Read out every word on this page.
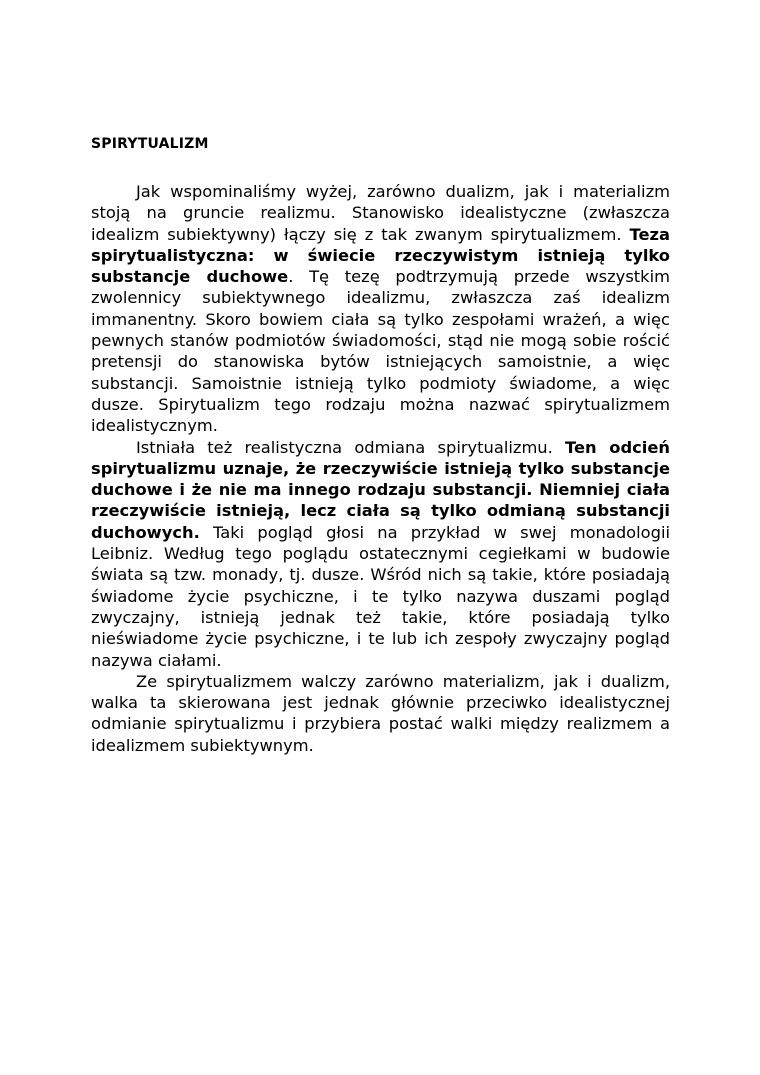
SPIRYTUALIZM

Jak wspominaliśmy wyżej, zarówno dualizm, jak i materializm stoją na gruncie realizmu. Stanowisko idealistyczne (zwłaszcza idealizm subiektywny) łączy się z tak zwanym spirytualizmem. Teza spirytualistyczna: w świecie rzeczywistym istnieją tylko substancje duchowe. Tę tezę podtrzymują przede wszystkim zwolennicy subiektywnego idealizmu, zwłaszcza zaś idealizm immanentny. Skoro bowiem ciała są tylko zespołami wrażeń, a więc pewnych stanów podmiotów świadomości, stąd nie mogą sobie rościć pretensji do stanowiska bytów istniejących samoistnie, a więc substancji. Samoistnie istnieją tylko podmioty świadome, a więc dusze. Spirytualizm tego rodzaju można nazwać spirytualizmem idealistycznym.

Istniała też realistyczna odmiana spirytualizmu. Ten odcień spirytualizmu uznaje, że rzeczywiście istnieją tylko substancje duchowe i że nie ma innego rodzaju substancji. Niemniej ciała rzeczywiście istnieją, lecz ciała są tylko odmianą substancji duchowych. Taki pogląd głosi na przykład w swej monadologii Leibniz. Według tego poglądu ostatecznymi cegiełkami w budowie świata są tzw. monady, tj. dusze. Wśród nich są takie, które posiadają świadome życie psychiczne, i te tylko nazywa duszami pogląd zwyczajny, istnieją jednak też takie, które posiadają tylko nieświadome życie psychiczne, i te lub ich zespoły zwyczajny pogląd nazywa ciałami.

Ze spirytualizmem walczy zarówno materializm, jak i dualizm, walka ta skierowana jest jednak głównie przeciwko idealistycznej odmianie spirytualizmu i przybiera postać walki między realizmem a idealizmem subiektywnym.
